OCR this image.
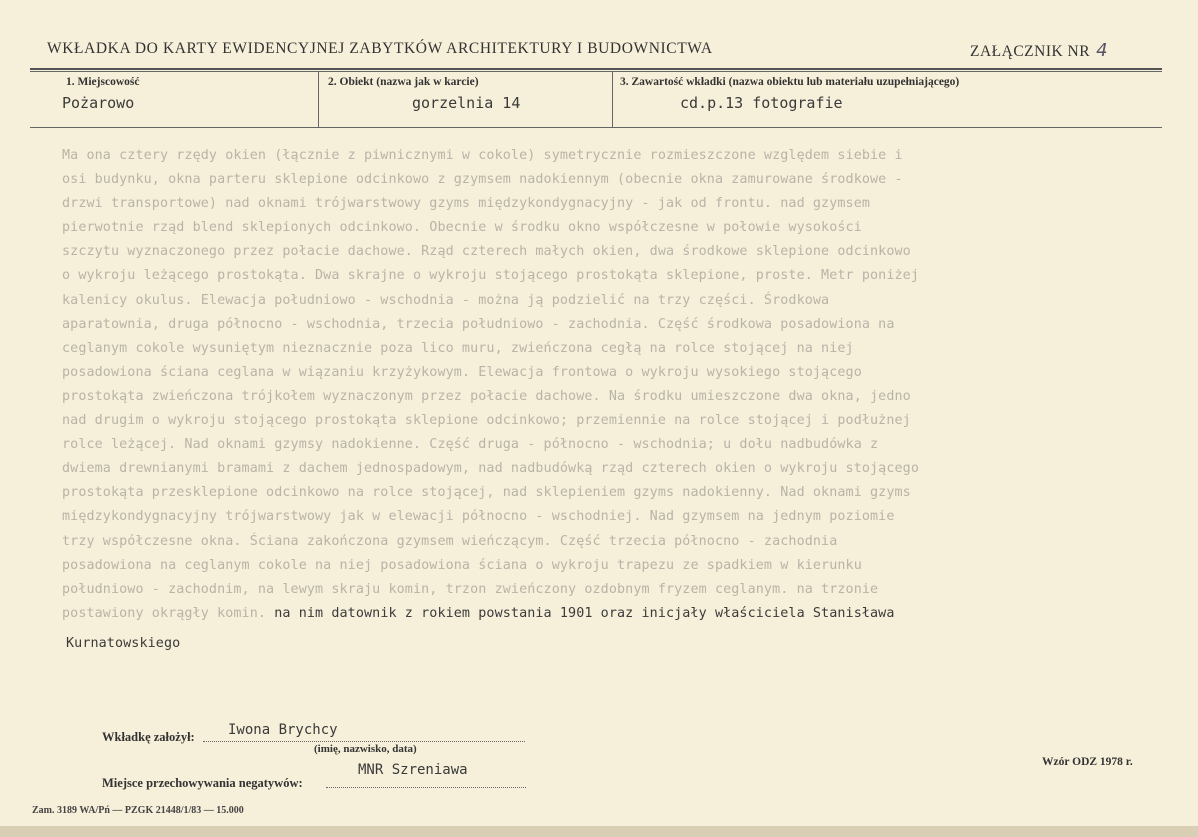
WKŁADKA DO KARTY EWIDENCYJNEJ ZABYTKÓW ARCHITEKTURY I BUDOWNICTWA	ZAŁĄCZNIK NR 4
1. Miejscowość
Pożarowo
2. Obiekt (nazwa jak w karcie)
gorzelnia 14
3. Zawartość wkładki (nazwa obiektu lub materiału uzupełniającego)
cd.p.13 fotografie
Ma ona cztery rzędy okien (łącznie z piwnicznymi w cokole) symetrycznie rozmieszczone względem siebie i
osi budynku, okna parteru sklepione odcinkowo z gzymsem nadokiennym (obecnie okna zamurowane środkowe -
drzwi transportowe) nad oknami trójwarstwowy gzyms międzykondygnacyjny - jak od frontu. nad gzymsem
pierwotnie rząd blend sklepionych odcinkowo. Obecnie w środku okno współczesne w połowie wysokości
szczytu wyznaczonego przez połacie dachowe. Rząd czterech małych okien, dwa środkowe sklepione odcinkowo
o wykroju leżącego prostokąta. Dwa skrajne o wykroju stojącego prostokąta sklepione, proste. Metr poniżej
kalenicy okulus. Elewacja południowo - wschodnia - można ją podzielić na trzy części. Środkowa
aparatownia, druga północno - wschodnia, trzecia południowo - zachodnia. Część środkowa posadowiona na
ceglanym cokole wysuniętym nieznacznie poza lico muru, zwieńczona cegłą na rolce stojącej na niej
posadowiona ściana ceglana w wiązaniu krzyżykowym. Elewacja frontowa o wykroju wysokiego stojącego
prostokąta zwieńczona trójkołem wyznaczonym przez połacie dachowe. Na środku umieszczone dwa okna, jedno
nad drugim o wykroju stojącego prostokąta sklepione odcinkowo; przemiennie na rolce stojącej i podłużnej
rolce leżącej. Nad oknami gzymsy nadokienne. Część druga - północno - wschodnia; u dołu nadbudówka z
dwiema drewnianymi bramami z dachem jednospadowym, nad nadbudówką rząd czterech okien o wykroju stojącego
prostokąta przesklepione odcinkowo na rolce stojącej, nad sklepieniem gzyms nadokienny. Nad oknami gzyms
międzykondygnacyjny trójwarstwowy jak w elewacji północno - wschodniej. Nad gzymsem na jednym poziomie
trzy współczesne okna. Ściana zakończona gzymsem wieńczącym. Część trzecia północno - zachodnia
posadowiona na ceglanym cokole na niej posadowiona ściana o wykroju trapezu ze spadkiem w kierunku
południowo - zachodnim, na lewym skraju komin, trzon zwieńczony ozdobnym fryzem ceglanym. na trzonie
postawiony okrągły komin. na nim datownik z rokiem powstania 1901 oraz inicjały właściciela Stanisława
Kurnatowskiego
Wkładkę założył: Iwona Brychcy
(imię, nazwisko, data)
Miejsce przechowywania negatywów:
MNR Szreniawa	Wzór ODZ 1978 r.
Zam. 3189 WA/Pń — PZGK 21448/1/83 — 15.000
